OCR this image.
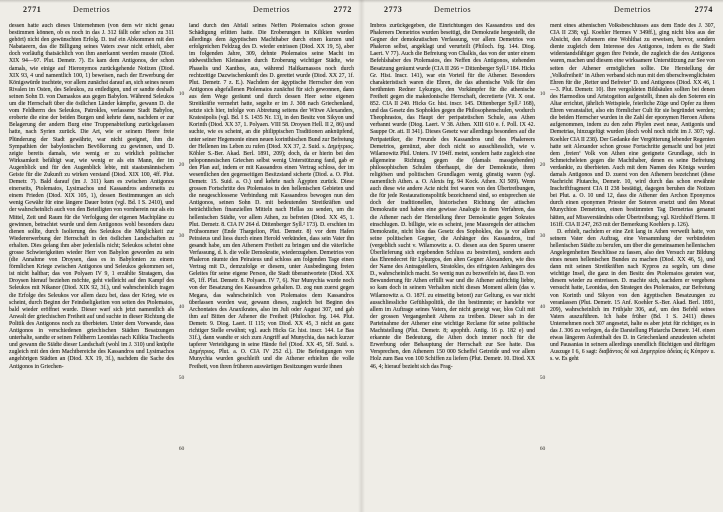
2771	Demetrios	Demetrios	2772

dessen hatte auch dieses Unternehmen (von dem wir nicht genau bestimmen können, ob es noch in das J. 312 fällt oder schon zu 311 gehört) nicht den gewünschten Erfolg. D. traf ein Abkommen mit den Nabataeern, das die Billigung seines Vaters zwar nicht erhielt, aber doch vorläufig thatsächlich von ihm anerkannt werden musste (Diod. XIX 94—97. Plut. Demetr. 7). Es kam dem Antigonos, der schon damals, wie einige auf Hieronymos zurückgehende Notizen (Diod. XIX 93, 4 und namentlich 100, 1) beweisen, nach der Erwerbung der Königswürde trachtete, vor allem zunächst darauf an, sich seines neuen Rivalen im Osten, des Seleukos, zu entledigen, und er sandte deshalb seinen Sohn D. von Damaskos aus gegen Babylon. Während Seleukos um die Herrschaft über die östlichen Länder kämpfte, gewann D. die vom Feldherrn des Seleukos, Patrokles, verlassene Stadt Babylon, eroberte die eine der beiden Burgen und kehrte dann, nachdem er zur Belagerung der andern Burg eine Truppenabteilung zurückgelassen hatte, nach Syrien zurück. Die Art, wie er seinem Heere freie Plünderung der Stadt gewährte, war nicht geeignet, ihm die Sympathien der babylonischen Bevölkerung zu gewinnen, und D. zeigte bereits damals, wie wenig er zu wirklich politischer Wirksamkeit befähigt war, wie wenig er als ein Mann, der im Augenblick und für den Augenblick lebte, mit staatsmännischem Geiste für die Zukunft zu wirken verstand (Diod. XIX 100, 4ff. Plut. Demetr. 7). Bald darauf (im J. 311) kam es zwischen Antigonos einerseits, Ptolemaios, Lysimachos und Kassandros andrerseits zu einem Frieden (Diod. XIX 105, 1), dessen Bestimmungen an sich wenig Gewähr für eine längere Dauer boten (vgl. Bd. I S. 2410), und der wahrscheinlich auch von den Beteiligten von vornherein nur als ein Mittel, Zeit und Raum für die Verfolgung der eigenen Machtpläne zu gewinnen, betrachtet wurde und dem Antigonos wohl besonders dazu dienen sollte, durch Isolierung des Seleukos die Möglichkeit zur Wiedererwerbung der Herrschaft in den östlichen Landschaften zu erhalten. Dies gelang ihm aber jedenfalls nicht; Seleukos scheint ohne grosse Schwierigkeiten wieder Herr von Babylon geworden zu sein (die Annahme von Droysen, dass es in Babylonien zu einem förmlichen Kriege zwischen Antigonos und Seleukos gekommen sei, ist nicht haltbar; das von Polyaen IV 9, 1 erzählte Stratagem, das Droysen hierauf beziehen möchte, geht vielleicht auf den Kampf des Seleukos mit Nikanor (Diod. XIX 92, 3f.), und wahrscheinlich tragen die Erfolge des Seleukos vor allem dazu bei, dass der Krieg, wie es scheint, durch Beginn der Feindseligkeiten von seiten des Ptolemaios, bald wieder eröffnet wurde. Dieser warf sich jetzt namentlich als Anwalt der griechischen Freiheit auf und suchte in dieser Richtung die Politik des Antigonos noch zu überbieten. Unter dem Vorwande, dass Antigonos in verschiedenen griechischen Städten Besatzungen unterhalte, sandte er seinen Feldherrn Leonidas nach Kilikia Tracheotis und gewann die Städte dieser Landschaft (wohl im J. 310) und knüpfte zugleich mit den dem Machtbereiche des Kassandros und Lysimachos angehörigen Städten an (Diod. XX 19, 3f.), nachdem die Sache des Antigonos in Griechen-

10
20
30
40
50
60

land durch den Abfall seines Neffen Ptolemaios schon grosse Schädigung erlitten hatte. Die Eroberungen in Kilikien wurden allerdings dem ägyptischen Machthaber durch einen kurzen und erfolgreichen Feldzug des D. wieder entrissen (Diod. XX 19, 5), aber im folgenden Jahre, 309, dehnte Ptolemaios seine Macht im südwestlichen Kleinasien durch Eroberung wichtiger Städte, wie Phaselis und Xanthos, aus, während Halikarnassos noch durch rechtzeitige Dazwischenkunft des D. gerettet wurde (Diod. XX 27, 1f. Plut. Demetr. 7 z. E.). Nachdem der ägyptische Herrscher den von Antigonos abgefallenen Ptolemaios zunächst für sich gewonnen, dann aus dem Wege geräumt und durch dessen Heer seine eigenen Streitkräfte vermehrt hatte, segelte er im J. 308 nach Griechenland, setzte sich hier, infolge von Abtretung seitens der Witwe Alexanders, Kratesipolis (vgl. Bd. I S. 1435 Nr. 13), in den Besitz von Sikyon und Korinth (Diod. XX 37, 1. Polyaen. VIII 58. Droysen Hell. II 2, 86) und suchte, wie es scheint, an die philippischen Traditionen anknüpfend, unter seiner Hegemonie einen neuen korinthischen Bund zur Befreiung der Hellenen ins Leben zu rufen (Diod. XX 37, 2. Suid. s. Δημήτριος. Köhler S.-Ber. Akad. Berl. 1891, 209); doch, da er hierin bei den peloponnesischen Griechen selbst wenig Unterstützung fand, gab er den Plan auf, indem er mit Kassandros einen Vertrag schloss, der im wesentlichen den gegenseitigen Besitzstand sicherte (Diod. a. O. Plut. Demetr. 15. Suid. a. O.) und kehrte nach Ägypten zurück. Diese grossen Fortschritte des Ptolemaios in den hellenischen Gebieten und die neugeschlossene Verbindung mit Kassandros bewogen nun den Antigonos, seinen Sohn D. mit bedeutenden Streitkräften und beträchtlichen finanziellen Mitteln nach Hellas zu senden, um die hellenischen Städte, vor allem Athen, zu befreien (Diod. XX 45, 1. Plut. Demetr. 8. CIA IV 264 d. Dittenberger Syll.² 173). D. erschien im Frühsommer (Ende Thargelion, Plut. Demetr. 8) vor dem Hafen Peiraieus und liess durch einen Herold verkünden, dass sein Vater ihn gesandt habe, um den Athenern Freiheit zu bringen und die väterliche Verfassung, d. h. die volle Demokratie, wiederzugeben. Demetrios von Phaleron räumte den Peiraieus und schloss am folgenden Tage einen Vertrag mit D., demzufolge er diesem, unter Ausbedingung freien Geleites für seine eigene Person, die Stadt überantwortete (Diod. XX 45, 1ff. Plut. Demetr. 8. Polyaen. IV 7, 6). Nur Munychia wurde noch von der Besatzung des Kassandros gehalten. D. zog nun zuerst gegen Megara, das wahrscheinlich von Ptolemaios dem Kassandros überlassen worden war, gewann dieses, zugleich bei Beginn des Archontates des Anaxikrates, also im Juli oder August 307, und gab ihm auf Bitten der Athener die Freiheit (Philochor. frg. 144. Plut. Demetr. 9. Diog. Laert. II 115; von Diod. XX 45, 3 nicht an ganz richtiger Stelle erwähnt; vgl. auch Hicks Gr. hist. inscr. 144. Le Bas 31f.), dann wandte er sich zum Angriff auf Munychia, das nach kurzer tapferer Verteidigung in seine Hände fiel (Diod. XX 45, 5ff. Suid. s. Δημήτριος. Plut. a. O. CIA IV 252 d.). Die Befestigungen von Munychia wurden geschleift und die Athener erhielten die volle Freiheit, von ihren früheren auswärtigen Besitzungen wurde ihnen

2773	Demetrios	Demetrios	2774

Imbros zurückgegeben, die Einrichtungen des Kassandros und des Phalereers Demetrios wurden beseitigt, die Demokratie hergestellt, die Gegner der demokratischen Verfassung, vor allem Demetrios von Phaleron selbst, angeklagt und verurteilt (Philoch. frg. 144. Diog. Laert. V 77). Auch die Befreiung von Chalkis, das von der unter einem Befehlshaber des Ptolemaios, des Neffen des Antigonos, stehenden Besatzung geräumt wurde (CIA II 266 = Dittenberger Syll.² 184. Hicks Gr. Hist. Inscr. 141), war ein Vorteil für die Athener. Besonders charakteristisch waren die Ehren, die das athenische Volk für den berühmten Redner Lykurgos, den Vorkämpfer für die athenische Freiheit gegen die makedonische Herrschaft, decretierte (Vit. X orat. 852. CIA II 240. Hicks Gr. hist. inscr. 145. Dittenberger Syll.² 168), und das Gesetz des Sophokles gegen die Philosophenschulen, wodurch Theophrastos, das Haupt der peripatetischen Schule, aus Athen verbannt wurde (Diog. Laert. V 38. Athen. XIII 610 e. f. Poll. IX 42. Sauppe Or. att. II 341). Dieses Gesetz war allerdings besonders auf die Peripatetiker, die Freunde des Kassandros und des Phalereers Demetrios, gemünzt, aber doch nicht so ausschliesslich, wie v. Wilamowitz Phil. Unters. IV 194ff. meint, sondern hatte zugleich eine allgemeine Richtung gegen die (damals massgebenden) philosophischen Schulen überhaupt, die der Demokratie, ihren religiösen und politischen Grundlagen wenig günstig waren (vgl. namentlich Athen. a. O. Alexis frg. 94 Kock. Athen. XI 509). Wenn auch diese wie andere Acte nicht frei waren von den Übertreibungen, die für jede Restaurationspolitik bezeichnend sind, so entsprechen sie doch der traditionellen, historischen Richtung der attischen Demokratie und haben eine gewisse Analogie in dem Verfahren, das die Athener nach der Herstellung ihrer Demokratie gegen Sokrates einschlugen. D. billigte, wie es scheint, jene Massregeln der attischen Demokratie, nicht blos das Gesetz des Sophokles, das ja vor allem seine politischen Gegner, die Anhänger des Kassandros, traf (vergeblich sucht v. Wilamowitz a. O. diesen aus den Spuren unserer Überlieferung sich ergebenden Schluss zu bestreiten), sondern auch das Ehrendecret für Lykurgos, den alten Gegner Alexanders, wie dies der Name des Antragstellers, Stratokles, des eifrigsten Anhängers des D., wahrscheinlich macht. So wenig nun zu bezweifeln ist, dass D. von Bewunderung für Athen erfüllt war und die Athener aufrichtig liebte, so kam doch in seinem Verhalten nicht dieses Moment allein (das v. Wilamowitz a. O. 187f. zu einseitig betont) zur Geltung, es war nicht ausschliessliche Gefühlspolitik, die ihn bestimmte; er handelte vor allem im Auftrage seines Vaters, der nicht geneigt war, blos Cult mit der grossen Vergangenheit Athens zu treiben. Dieser sah in der Parteinahme der Athener eine wichtige Reclame für seine politische Machtstellung (Plut. Demetr. 8; apophth. Antig. 16 p. 182 e) und erkannte die Bedeutung, die Athen doch immer noch für die Erwerbung oder Behauptung der Herrschaft zur See hatte. Das Versprechen, den Athenern 150 000 Scheffel Getreide und vor allem Holz zum Bau von 100 Schiffen zu liefern (Plut. Demetr. 10. Diod. XX 46, 4; hierauf bezieht sich das Frag-

10
20
30
40
50
60

ment eines athenischen Volksbeschlusses aus dem Ende des J. 307, CIA II 238; vgl. Koehler Hermes V 349ff.), ging nicht blos aus der Absicht, den Athenern eine Wohlthat zu erweisen, hervor, sondern diente zugleich dem Interesse des Antigonos, indem es die Stadt widerstandsfähiger gegen ihre Feinde, die zugleich die des Antigonos waren, machen und diesem eine wirksamere Unterstützung zur See von seiten der Athener ermöglichen sollte. Die Herstellung der ‚Volksfreiheit‘ in Athen verband sich nun mit den überschwenglichsten Ehren für die ‚Retter und Befreier‘ D. und Antigonos (Diod. XX 46, 1—3. Plut. Demetr. 10). Ihre vergoldeten Bildsäulen sollten bei denen des Harmodios und Aristogeiton aufgestellt, ihnen als den Soteren ein Altar errichtet, jährlich Wettspiele, feierliche Züge und Opfer zu ihren Ehren veranstaltet, also ein förmlicher Cult für sie begründet werden; die beiden Herrscher wurden in die Zahl der eponymen Heroen Athens aufgenommen, indem zu den zehn Phylen zwei neue, Antigonis und Demetrias, hinzugefügt wurden (doch wohl noch nicht im J. 307; vgl. Koehler CIA II 238). Der Gedanke der Vergötterung lebender Regenten hatte seit Alexander schon grosse Fortschritte gemacht und bot jetzt dem ‚freien‘ Volk von Athen eine geeignete Grundlage, sich in Schmeicheleien gegen die Machthaber, denen es seine Befreiung verdankte, zu überbieten. Auch mit dem Namen des Königs wurden damals Antigonos und D. zuerst von den Athenern bezeichnet (diese Nachricht Plutarchs, Demetr. 10, wird durch das schon erwähnte Inschriftfragment CIA II 238 bestätigt, dagegen beruhen die Notizen bei Plut. a. O. 10 und 12, dass die Athener den Archon Eponymos durch einen eponymen Priester der Soteren ersetzt und den Monat Munychion Demetrion, einen bestimmten Tag Demetrias genannt hätten, auf Missverständnis oder Übertreibung; vgl. Kirchhoff Herm. II 161ff. CIA II 247, 263 mit der Bemerkung Koehlers p. 126).

D. erhielt, nachdem er eine Zeit lang in Athen verweilt hatte, von seinem Vater den Auftrag, eine Versammlung der verbündeten hellenischen Städte zu berufen, um über die gemeinsamen hellenischen Angelegenheiten Beschlüsse zu fassen, also den Versuch zur Bildung eines neuen hellenischen Bundes zu machen (Diod. XX 46, 5), und dann mit seinen Streitkräften nach Kypros zu segeln, um diese wichtige Insel, die ganz in den Besitz des Ptolemaios geraten war, diesem wieder zu entreissen. D. machte sich, nachdem er vergebens versucht hatte, Leonidas, den Strategen des Ptolemaios, zur Befreiung von Korinth und Sikyon von den ägyptischen Besatzungen zu veranlassen (Plut. Demetr. 15 Anf. Koehler S.-Ber. Akad. Berl. 1891, 209), wahrscheinlich im Frühjahr 306, auf, um den Befehl seines Vaters auszuführen. Ich habe früher (Bd. I S. 2411) dieses Unternehmen noch 307 angesetzt, halte es aber jetzt für richtiger, es in das J. 306 zu verlegen, da die Darstellung Plutarchs Demetr. 14f. einen etwas längeren Aufenthalt des D. in Griechenland anzudeuten scheint und Pausanias in seinem allerdings unendlich flüchtigen und dürftigen Auszuge I 6, 6 sagt: διαβάντος δὲ καὶ Δημητρίου ἀδείας ἐς Κύπρον u. s. w. Es geht
